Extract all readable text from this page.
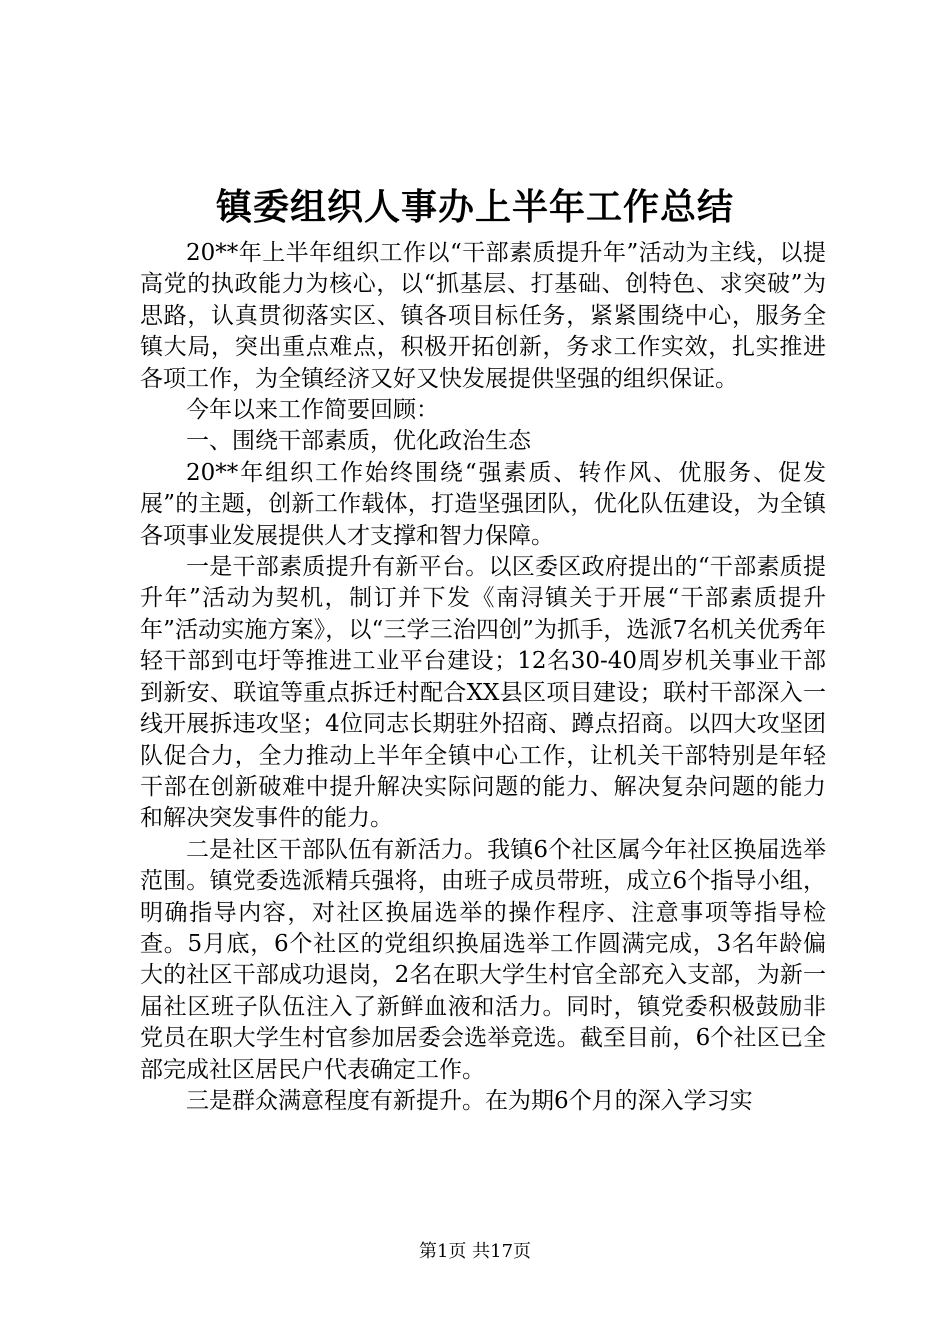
镇委组织人事办上半年工作总结

20**年上半年组织工作以“干部素质提升年”活动为主线，以提高党的执政能力为核心，以“抓基层、打基础、创特色、求突破”为思路，认真贯彻落实区、镇各项目标任务，紧紧围绕中心，服务全镇大局，突出重点难点，积极开拓创新，务求工作实效，扎实推进各项工作，为全镇经济又好又快发展提供坚强的组织保证。

今年以来工作简要回顾：

一、围绕干部素质，优化政治生态

20**年组织工作始终围绕“强素质、转作风、优服务、促发展”的主题，创新工作载体，打造坚强团队，优化队伍建设，为全镇各项事业发展提供人才支撑和智力保障。

一是干部素质提升有新平台。以区委区政府提出的“干部素质提升年”活动为契机，制订并下发《南浔镇关于开展“干部素质提升年”活动实施方案》，以“三学三治四创”为抓手，选派7名机关优秀年轻干部到屯圩等推进工业平台建设；12名30-40周岁机关事业干部到新安、联谊等重点拆迁村配合XX县区项目建设；联村干部深入一线开展拆违攻坚；4位同志长期驻外招商、蹲点招商。以四大攻坚团队促合力，全力推动上半年全镇中心工作，让机关干部特别是年轻干部在创新破难中提升解决实际问题的能力、解决复杂问题的能力和解决突发事件的能力。

二是社区干部队伍有新活力。我镇6个社区属今年社区换届选举范围。镇党委选派精兵强将，由班子成员带班，成立6个指导小组，明确指导内容，对社区换届选举的操作程序、注意事项等指导检查。5月底，6个社区的党组织换届选举工作圆满完成，3名年龄偏大的社区干部成功退岗，2名在职大学生村官全部充入支部，为新一届社区班子队伍注入了新鲜血液和活力。同时，镇党委积极鼓励非党员在职大学生村官参加居委会选举竞选。截至目前，6个社区已全部完成社区居民户代表确定工作。

三是群众满意程度有新提升。在为期6个月的深入学习实

第1页 共17页
